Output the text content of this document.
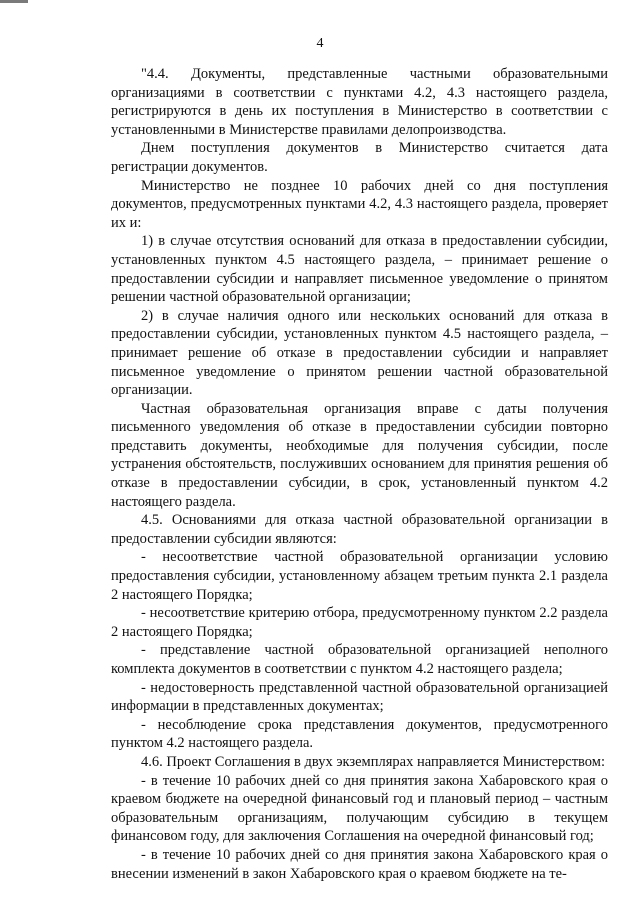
4

"4.4. Документы, представленные частными образовательными организациями в соответствии с пунктами 4.2, 4.3 настоящего раздела, регистрируются в день их поступления в Министерство в соответствии с установленными в Министерстве правилами делопроизводства.

Днем поступления документов в Министерство считается дата регистрации документов.

Министерство не позднее 10 рабочих дней со дня поступления документов, предусмотренных пунктами 4.2, 4.3 настоящего раздела, проверяет их и:

1) в случае отсутствия оснований для отказа в предоставлении субсидии, установленных пунктом 4.5 настоящего раздела, – принимает решение о предоставлении субсидии и направляет письменное уведомление о принятом решении частной образовательной организации;

2) в случае наличия одного или нескольких оснований для отказа в предоставлении субсидии, установленных пунктом 4.5 настоящего раздела, – принимает решение об отказе в предоставлении субсидии и направляет письменное уведомление о принятом решении частной образовательной организации.

Частная образовательная организация вправе с даты получения письменного уведомления об отказе в предоставлении субсидии повторно представить документы, необходимые для получения субсидии, после устранения обстоятельств, послуживших основанием для принятия решения об отказе в предоставлении субсидии, в срок, установленный пунктом 4.2 настоящего раздела.

4.5. Основаниями для отказа частной образовательной организации в предоставлении субсидии являются:

- несоответствие частной образовательной организации условию предоставления субсидии, установленному абзацем третьим пункта 2.1 раздела 2 настоящего Порядка;

- несоответствие критерию отбора, предусмотренному пунктом 2.2 раздела 2 настоящего Порядка;

- представление частной образовательной организацией неполного комплекта документов в соответствии с пунктом 4.2 настоящего раздела;

- недостоверность представленной частной образовательной организацией информации в представленных документах;

- несоблюдение срока представления документов, предусмотренного пунктом 4.2 настоящего раздела.

4.6. Проект Соглашения в двух экземплярах направляется Министерством:

- в течение 10 рабочих дней со дня принятия закона Хабаровского края о краевом бюджете на очередной финансовый год и плановый период – частным образовательным организациям, получающим субсидию в текущем финансовом году, для заключения Соглашения на очередной финансовый год;

- в течение 10 рабочих дней со дня принятия закона Хабаровского края о внесении изменений в закон Хабаровского края о краевом бюджете на те-
